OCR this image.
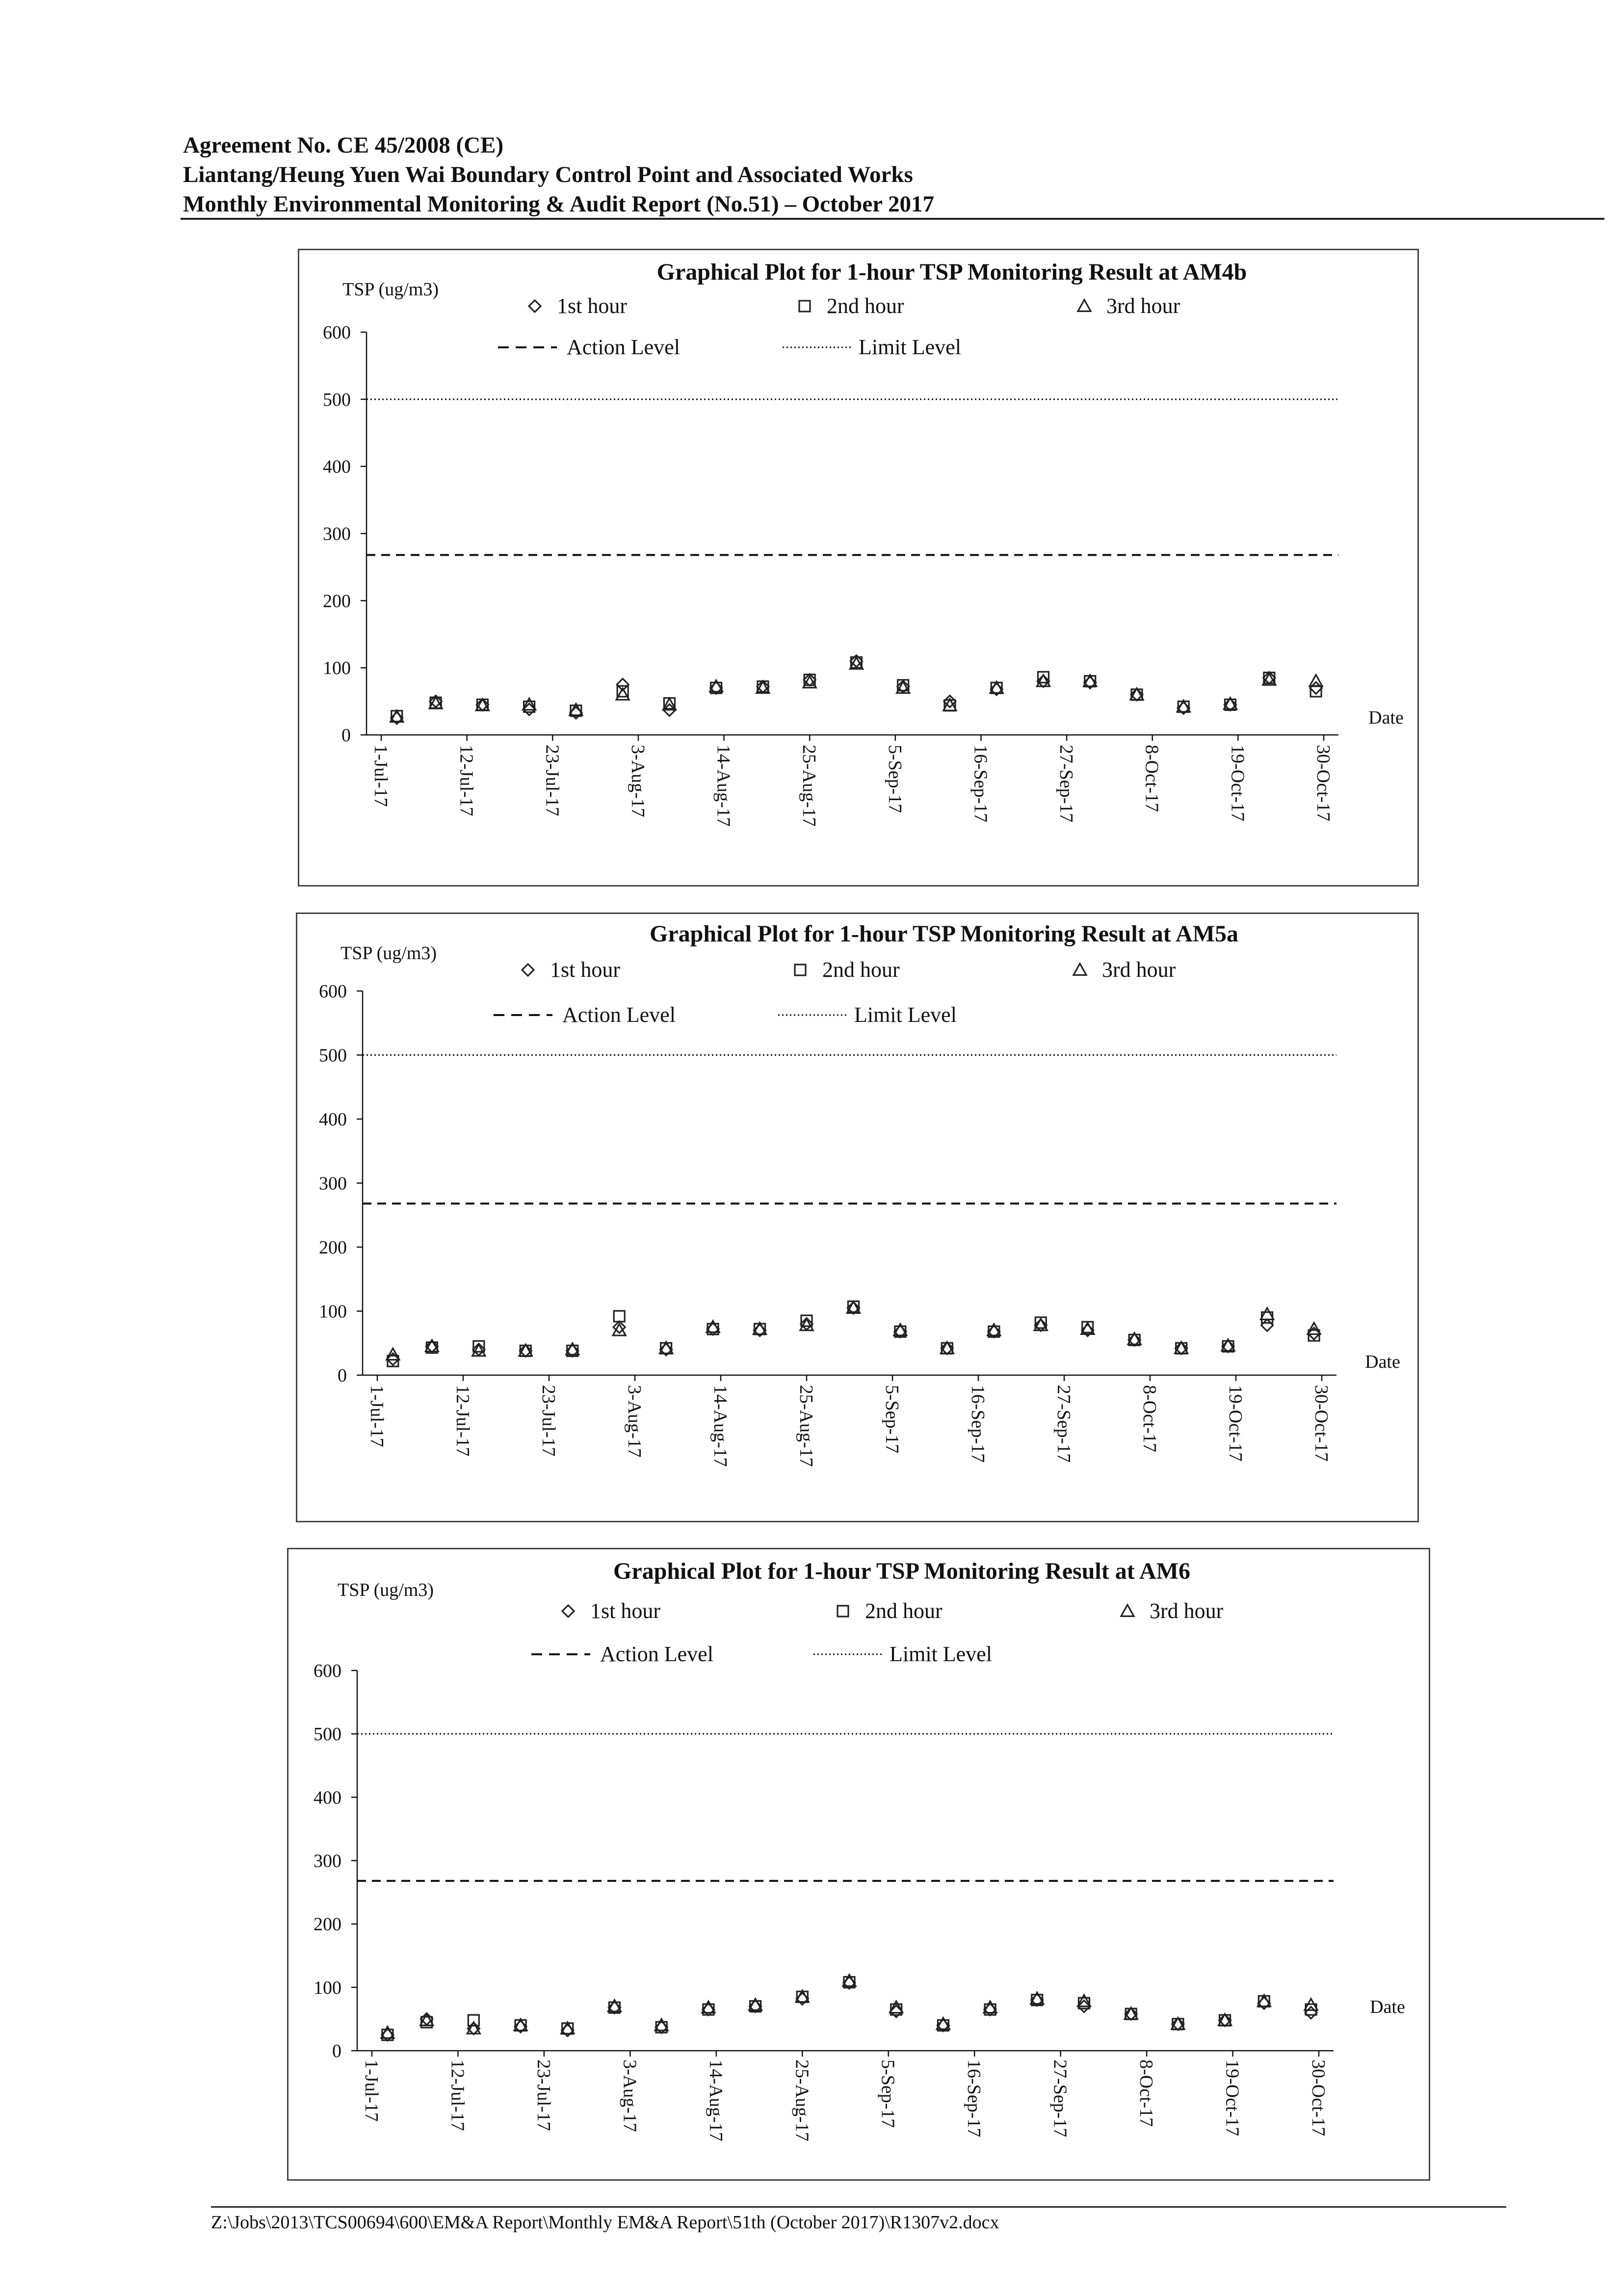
Agreement No. CE 45/2008 (CE)
Liantang/Heung Yuen Wai Boundary Control Point and Associated Works
Monthly Environmental Monitoring & Audit Report (No.51) – October 2017
Graphical Plot for 1-hour TSP Monitoring Result at AM4b
TSP (ug/m3)
1st hour	2nd hour	3rd hour
Action Level	Limit Level
0
100
200
300
400
500
600
1-Jul-17	12-Jul-17	23-Jul-17	3-Aug-17	14-Aug-17	25-Aug-17	5-Sep-17	16-Sep-17	27-Sep-17	8-Oct-17	19-Oct-17	30-Oct-17
Date
Graphical Plot for 1-hour TSP Monitoring Result at AM5a
TSP (ug/m3)
1st hour	2nd hour	3rd hour
Action Level	Limit Level
0
100
200
300
400
500
600
1-Jul-17	12-Jul-17	23-Jul-17	3-Aug-17	14-Aug-17	25-Aug-17	5-Sep-17	16-Sep-17	27-Sep-17	8-Oct-17	19-Oct-17	30-Oct-17
Date
Graphical Plot for 1-hour TSP Monitoring Result at AM6
TSP (ug/m3)
1st hour	2nd hour	3rd hour
Action Level	Limit Level
0
100
200
300
400
500
600
1-Jul-17	12-Jul-17	23-Jul-17	3-Aug-17	14-Aug-17	25-Aug-17	5-Sep-17	16-Sep-17	27-Sep-17	8-Oct-17	19-Oct-17	30-Oct-17
Date
Z:\Jobs\2013\TCS00694\600\EM&A Report\Monthly EM&A Report\51th (October 2017)\R1307v2.docx
